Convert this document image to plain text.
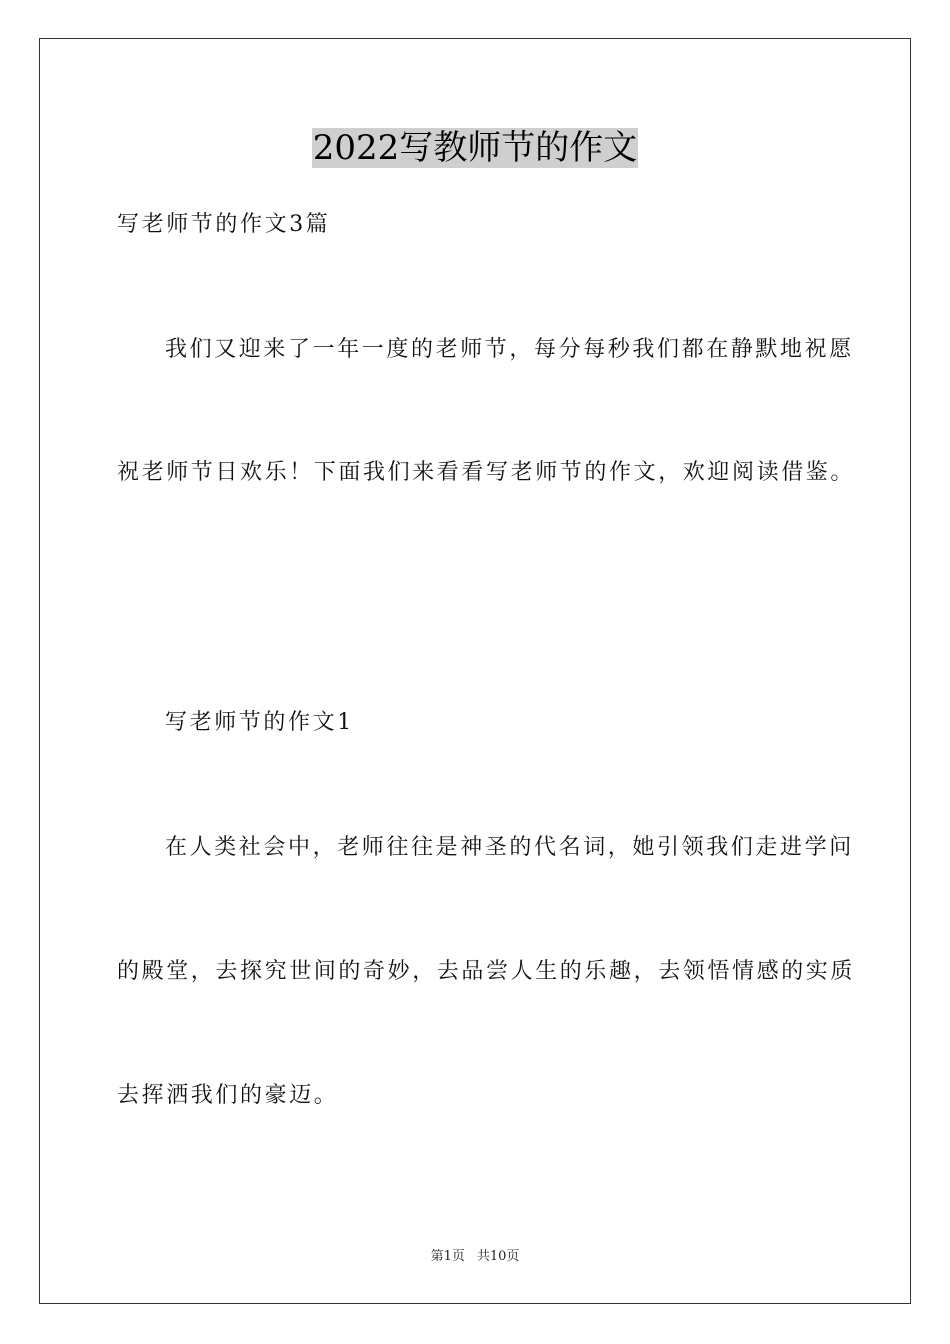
2022写教师节的作文
写老师节的作文3篇
我们又迎来了一年一度的老师节，每分每秒我们都在静默地祝愿
祝老师节日欢乐！下面我们来看看写老师节的作文，欢迎阅读借鉴。
写老师节的作文1
在人类社会中，老师往往是神圣的代名词，她引领我们走进学问
的殿堂，去探究世间的奇妙，去品尝人生的乐趣，去领悟情感的实质
去挥洒我们的豪迈。
第1页 共10页
